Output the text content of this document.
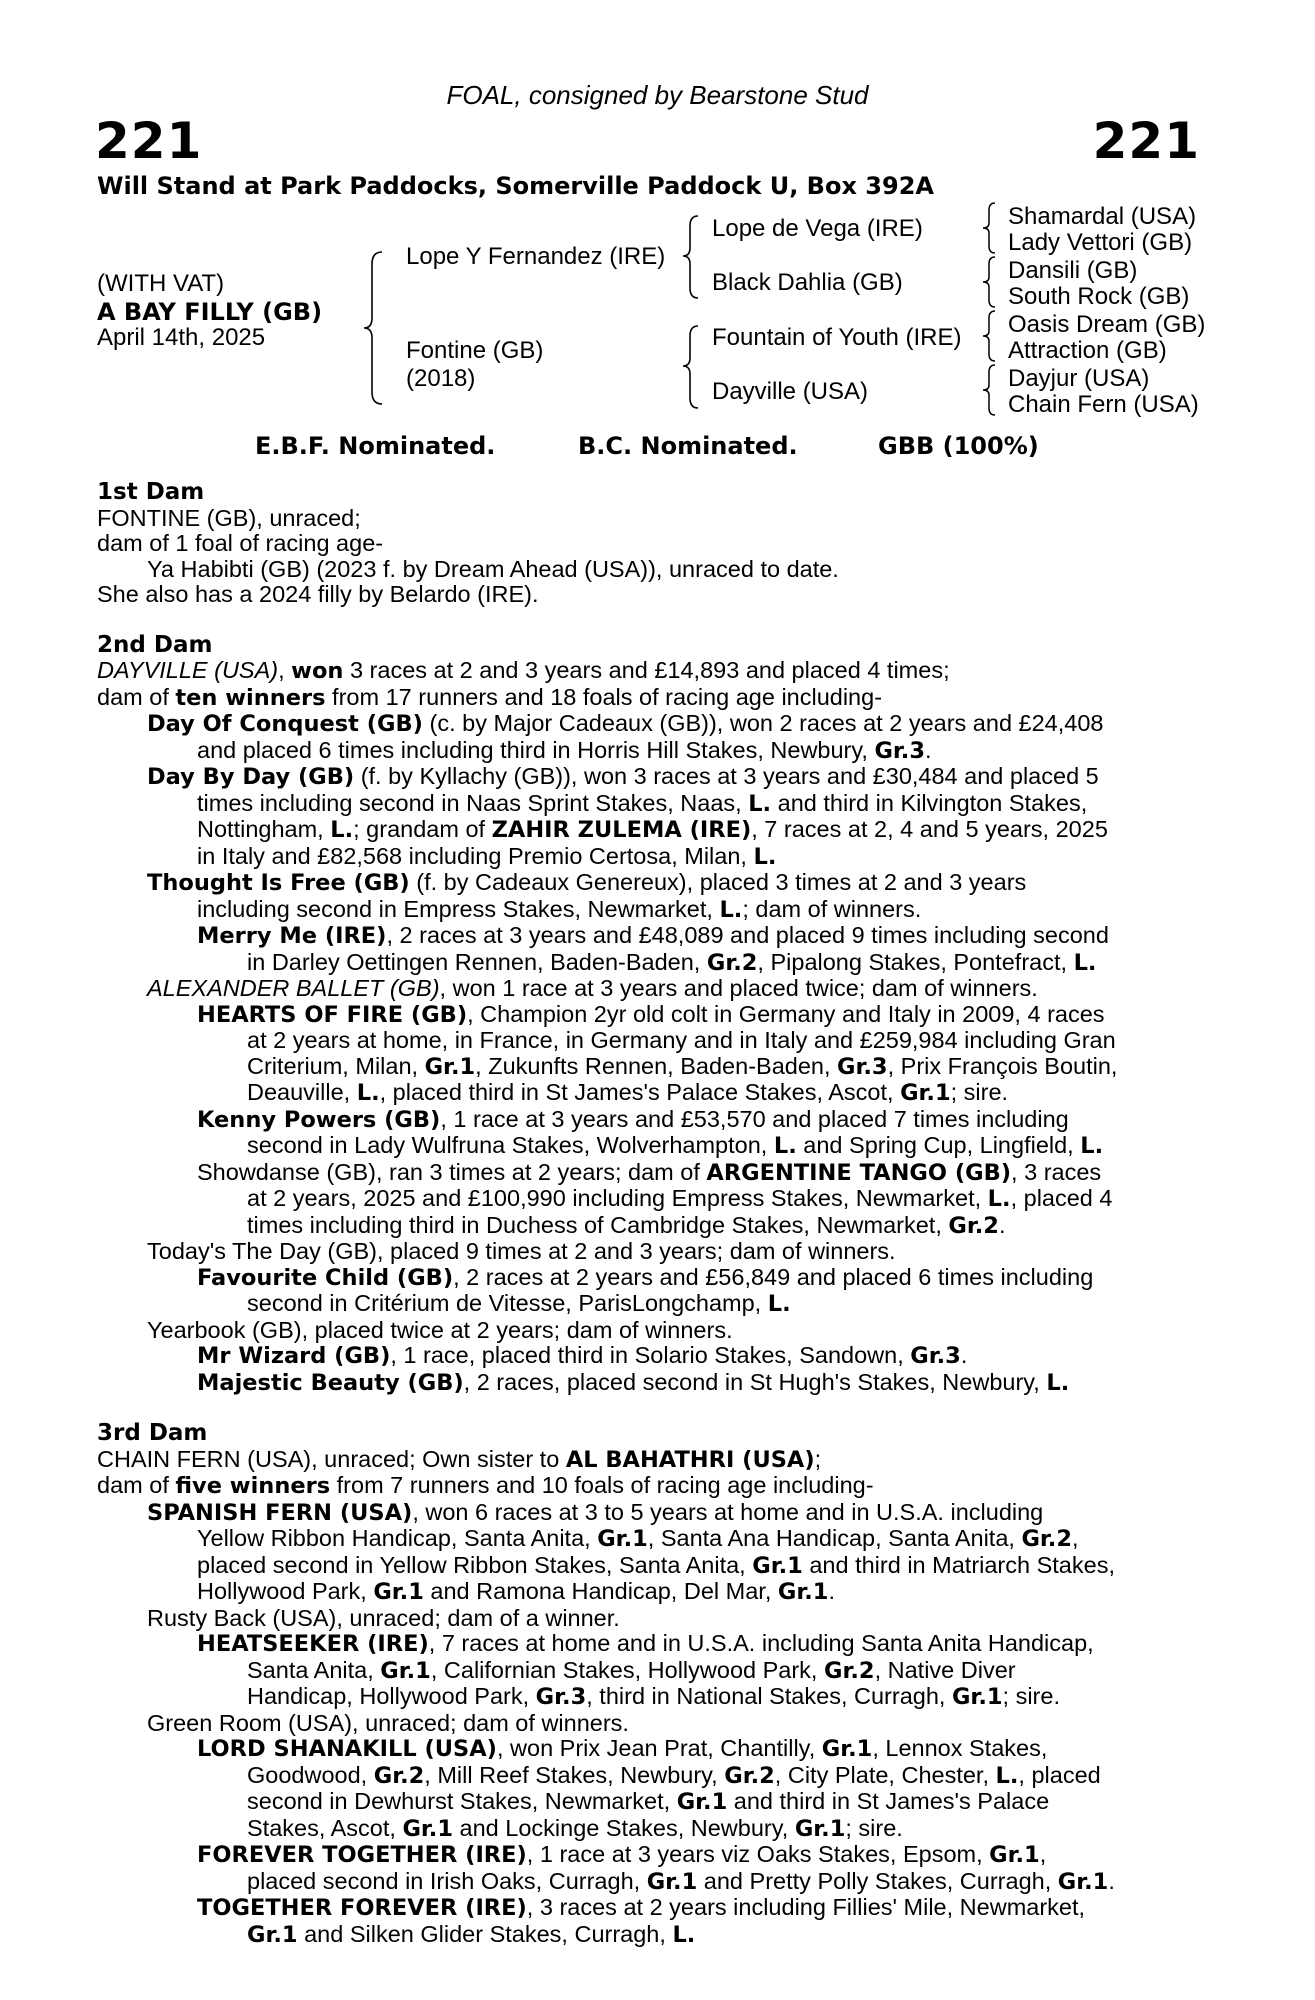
FOAL, consigned by Bearstone Stud
221	221
Will Stand at Park Paddocks, Somerville Paddock U, Box 392A
(WITH VAT)
A BAY FILLY (GB)
April 14th, 2025
Lope Y Fernandez (IRE)
Fontine (GB)
(2018)
Lope de Vega (IRE)
Black Dahlia (GB)
Fountain of Youth (IRE)
Dayville (USA)
Shamardal (USA)
Lady Vettori (GB)
Dansili (GB)
South Rock (GB)
Oasis Dream (GB)
Attraction (GB)
Dayjur (USA)
Chain Fern (USA)
E.B.F. Nominated.	B.C. Nominated.	GBB (100%)

1st Dam

FONTINE (GB), unraced;

dam of 1 foal of racing age-

Ya Habibti (GB) (2023 f. by Dream Ahead (USA)), unraced to date.

She also has a 2024 filly by Belardo (IRE).

2nd Dam

DAYVILLE (USA), won 3 races at 2 and 3 years and £14,893 and placed 4 times;

dam of ten winners from 17 runners and 18 foals of racing age including-

Day Of Conquest (GB) (c. by Major Cadeaux (GB)), won 2 races at 2 years and £24,408

and placed 6 times including third in Horris Hill Stakes, Newbury, Gr.3.

Day By Day (GB) (f. by Kyllachy (GB)), won 3 races at 3 years and £30,484 and placed 5

times including second in Naas Sprint Stakes, Naas, L. and third in Kilvington Stakes,

Nottingham, L.; grandam of ZAHIR ZULEMA (IRE), 7 races at 2, 4 and 5 years, 2025

in Italy and £82,568 including Premio Certosa, Milan, L.

Thought Is Free (GB) (f. by Cadeaux Genereux), placed 3 times at 2 and 3 years

including second in Empress Stakes, Newmarket, L.; dam of winners.

Merry Me (IRE), 2 races at 3 years and £48,089 and placed 9 times including second

in Darley Oettingen Rennen, Baden-Baden, Gr.2, Pipalong Stakes, Pontefract, L.

ALEXANDER BALLET (GB), won 1 race at 3 years and placed twice; dam of winners.

HEARTS OF FIRE (GB), Champion 2yr old colt in Germany and Italy in 2009, 4 races

at 2 years at home, in France, in Germany and in Italy and £259,984 including Gran

Criterium, Milan, Gr.1, Zukunfts Rennen, Baden-Baden, Gr.3, Prix François Boutin,

Deauville, L., placed third in St James's Palace Stakes, Ascot, Gr.1; sire.

Kenny Powers (GB), 1 race at 3 years and £53,570 and placed 7 times including

second in Lady Wulfruna Stakes, Wolverhampton, L. and Spring Cup, Lingfield, L.

Showdanse (GB), ran 3 times at 2 years; dam of ARGENTINE TANGO (GB), 3 races

at 2 years, 2025 and £100,990 including Empress Stakes, Newmarket, L., placed 4

times including third in Duchess of Cambridge Stakes, Newmarket, Gr.2.

Today's The Day (GB), placed 9 times at 2 and 3 years; dam of winners.

Favourite Child (GB), 2 races at 2 years and £56,849 and placed 6 times including

second in Critérium de Vitesse, ParisLongchamp, L.

Yearbook (GB), placed twice at 2 years; dam of winners.

Mr Wizard (GB), 1 race, placed third in Solario Stakes, Sandown, Gr.3.

Majestic Beauty (GB), 2 races, placed second in St Hugh's Stakes, Newbury, L.

3rd Dam

CHAIN FERN (USA), unraced; Own sister to AL BAHATHRI (USA);

dam of five winners from 7 runners and 10 foals of racing age including-

SPANISH FERN (USA), won 6 races at 3 to 5 years at home and in U.S.A. including

Yellow Ribbon Handicap, Santa Anita, Gr.1, Santa Ana Handicap, Santa Anita, Gr.2,

placed second in Yellow Ribbon Stakes, Santa Anita, Gr.1 and third in Matriarch Stakes,

Hollywood Park, Gr.1 and Ramona Handicap, Del Mar, Gr.1.

Rusty Back (USA), unraced; dam of a winner.

HEATSEEKER (IRE), 7 races at home and in U.S.A. including Santa Anita Handicap,

Santa Anita, Gr.1, Californian Stakes, Hollywood Park, Gr.2, Native Diver

Handicap, Hollywood Park, Gr.3, third in National Stakes, Curragh, Gr.1; sire.

Green Room (USA), unraced; dam of winners.

LORD SHANAKILL (USA), won Prix Jean Prat, Chantilly, Gr.1, Lennox Stakes,

Goodwood, Gr.2, Mill Reef Stakes, Newbury, Gr.2, City Plate, Chester, L., placed

second in Dewhurst Stakes, Newmarket, Gr.1 and third in St James's Palace

Stakes, Ascot, Gr.1 and Lockinge Stakes, Newbury, Gr.1; sire.

FOREVER TOGETHER (IRE), 1 race at 3 years viz Oaks Stakes, Epsom, Gr.1,

placed second in Irish Oaks, Curragh, Gr.1 and Pretty Polly Stakes, Curragh, Gr.1.

TOGETHER FOREVER (IRE), 3 races at 2 years including Fillies' Mile, Newmarket,

Gr.1 and Silken Glider Stakes, Curragh, L.
